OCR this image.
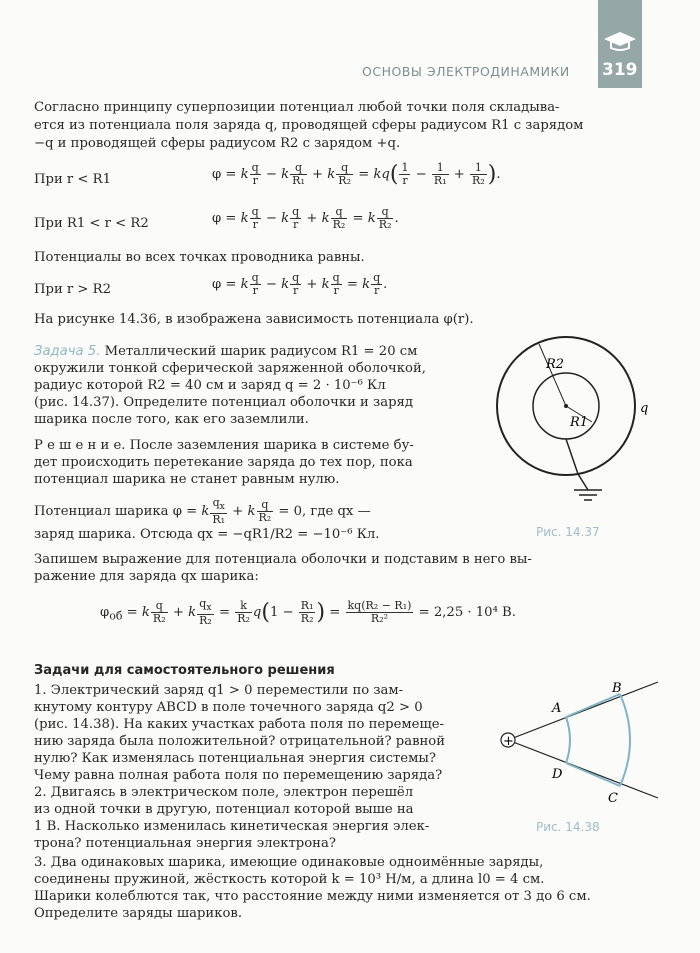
ОСНОВЫ ЭЛЕКТРОДИНАМИКИ 319
Согласно принципу суперпозиции потенциал любой точки поля складыва-
ется из потенциала поля заряда q, проводящей сферы радиусом R1 с зарядом
−q и проводящей сферы радиусом R2 с зарядом +q.
При r < R1	φ = k $\frac{q}{r} - k \frac{q}{\text{R₁}} + k \frac{q}{\text{R₂}} = kq( \frac{1}{r} - \frac{1}{\text{R₁}} + \frac{1}{\text{R₂}}$ ).
При R1 < r < R2	φ = k $\frac{q}{r} - k \frac{q}{r} + k \frac{q}{\text{R₂}} = k \frac{q}{\text{R₂}}$ .
Потенциалы во всех точках проводника равны.
При r > R2	φ = k $\frac{q}{r} - k \frac{q}{r} + k \frac{q}{r} = k \frac{q}{r}$ .
На рисунке 14.36, в изображена зависимость потенциала φ(r).
Задача 5. Металлический шарик радиусом R1 = 20 см
окружили тонкой сферической заряженной оболочкой,
радиус которой R2 = 40 см и заряд q = 2 · 10⁻⁶ Кл
(рис. 14.37). Определите потенциал оболочки и заряд
шарика после того, как его заземлили.
Р е ш е н и е. После заземления шарика в системе бу-
дет происходить перетекание заряда до тех пор, пока
потенциал шарика не станет равным нулю.
Потенциал шарика φ = k $\frac{q_x}{\text{R₁}} + k \frac{q}{\text{R₂}} = 0$, где qx —
заряд шарика. Отсюда qx = −qR1/R2 = −10⁻⁶ Кл.
Запишем выражение для потенциала оболочки и подставим в него вы-
ражение для заряда qx шарика:
$\varphi_{об} = k \frac{q}{\text{R₂}} + k \frac{q_x}{\text{R₂}} = \frac{k}{\text{R₂}} q(1 - \frac{\text{R₁}}{\text{R₂}}$ ) = $\frac{\text{kq(R₂ − R₁)}}{\text{R₂²}} = 2,25 \cdot 10^4$ В.
R2
R1
q
Рис. 14.37
Задачи для самостоятельного решения
1. Электрический заряд q1 > 0 переместили по зам-
кнутому контуру ABCD в поле точечного заряда q2 > 0
(рис. 14.38). На каких участках работа поля по перемещe-
нию заряда была положительной? отрицательной? равной
нулю? Как изменялась потенциальная энергия системы?
Чему равна полная работа поля по перемещению заряда?
2. Двигаясь в электрическом поле, электрон перешёл
из одной точки в другую, потенциал которой выше на
1 В. Насколько изменилась кинетическая энергия элек-
трона? потенциальная энергия электрона?
3. Два одинаковых шарика, имеющие одинаковые одноимённые заряды,
соединены пружиной, жёсткость которой k = 10³ Н/м, а длина l0 = 4 см.
Шарики колеблются так, что расстояние между ними изменяется от 3 до 6 см.
Определите заряды шариков.
+
A
B
C
D
Рис. 14.38
